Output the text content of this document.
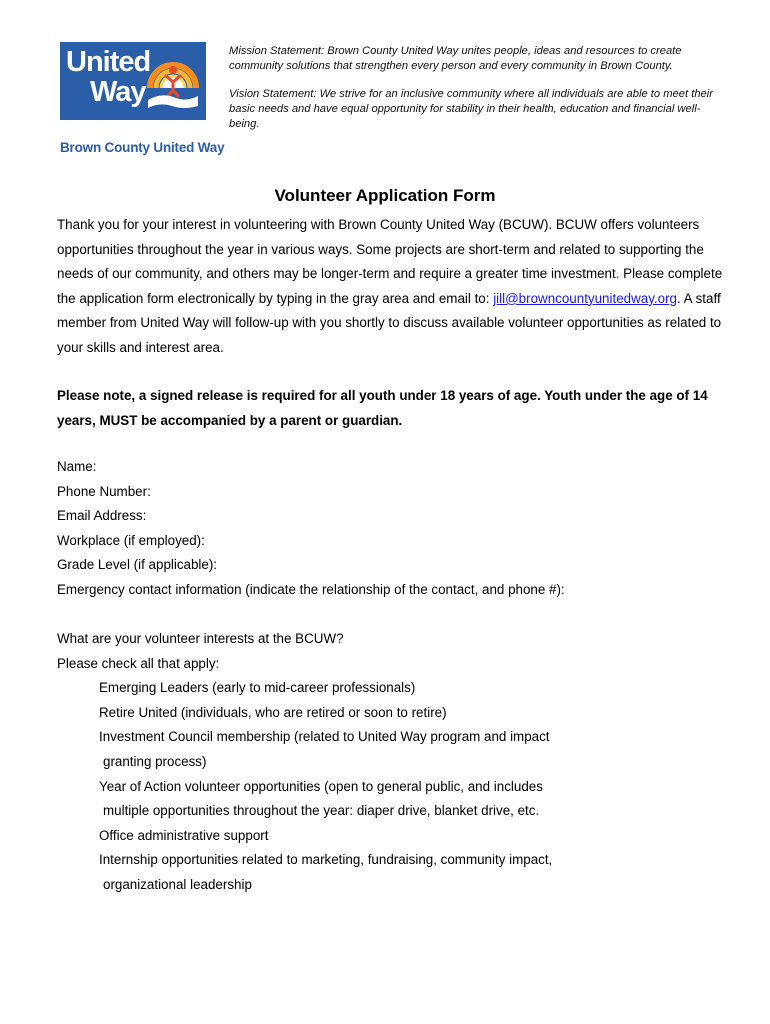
United
Way
Brown County United Way

Mission Statement: Brown County United Way unites people, ideas and resources to create community solutions that strengthen every person and every community in Brown County.

Vision Statement: We strive for an inclusive community where all individuals are able to meet their basic needs and have equal opportunity for stability in their health, education and financial well-being.

Volunteer Application Form
Thank you for your interest in volunteering with Brown County United Way (BCUW). BCUW offers volunteers opportunities throughout the year in various ways. Some projects are short-term and related to supporting the needs of our community, and others may be longer-term and require a greater time investment. Please complete the application form electronically by typing in the gray area and email to: jill@browncountyunitedway.org. A staff member from United Way will follow-up with you shortly to discuss available volunteer opportunities as related to your skills and interest area.
Please note, a signed release is required for all youth under 18 years of age. Youth under the age of 14 years, MUST be accompanied by a parent or guardian.
Name:
Phone Number:
Email Address:
Workplace (if employed):
Grade Level (if applicable):
Emergency contact information (indicate the relationship of the contact, and phone #):
What are your volunteer interests at the BCUW?
Please check all that apply:
Emerging Leaders (early to mid-career professionals)
Retire United (individuals, who are retired or soon to retire)
Investment Council membership (related to United Way program and impact
granting process)
Year of Action volunteer opportunities (open to general public, and includes
multiple opportunities throughout the year: diaper drive, blanket drive, etc.
Office administrative support
Internship opportunities related to marketing, fundraising, community impact,
organizational leadership
